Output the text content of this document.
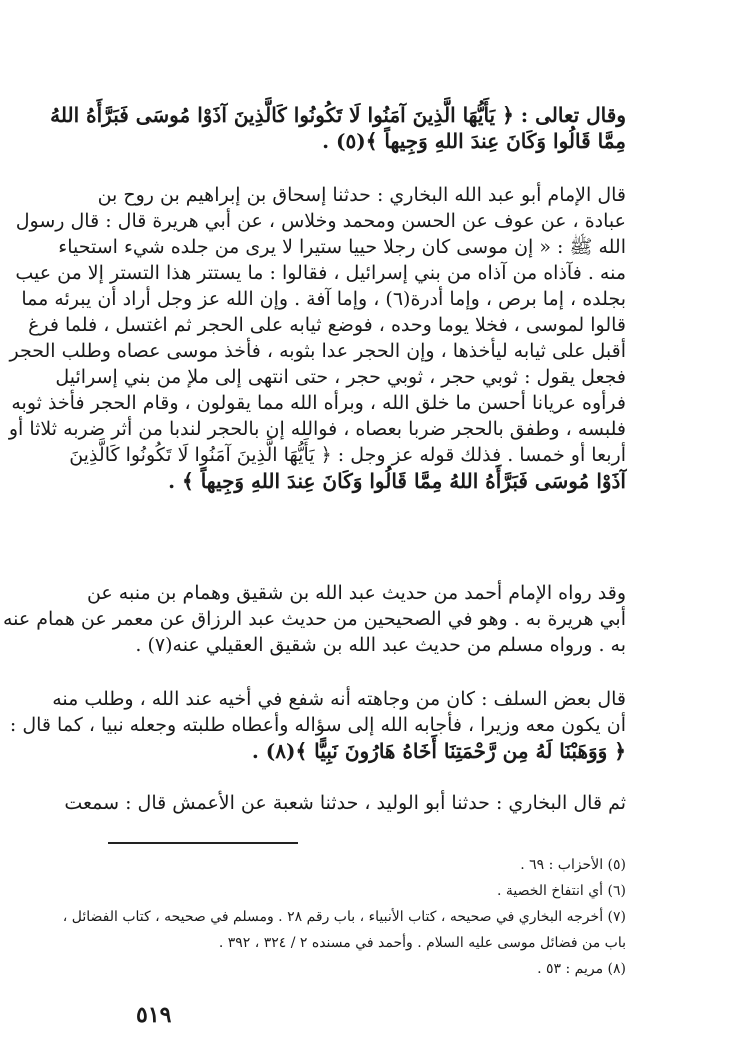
وقال تعالى : ﴿ يَأَيُّهَا الَّذِينَ آمَنُوا لَا تَكُونُوا كَالَّذِينَ آذَوْا مُوسَى فَبَرَّأَهُ اللهُ
مِمَّا قَالُوا وَكَانَ عِندَ اللهِ وَجِيهاً ﴾(٥) .
قال الإمام أبو عبد الله البخاري : حدثنا إسحاق بن إبراهيم بن روح بن
عبادة ، عن عوف عن الحسن ومحمد وخلاس ، عن أبي هريرة قال : قال رسول
الله ﷺ : « إن موسى كان رجلا حييا ستيرا لا يرى من جلده شيء استحياء
منه . فآذاه من آذاه من بني إسرائيل ، فقالوا : ما يستتر هذا التستر إلا من عيب
بجلده ، إما برص ، وإما أدرة(٦) ، وإما آفة . وإن الله عز وجل أراد أن يبرئه مما
قالوا لموسى ، فخلا يوما وحده ، فوضع ثيابه على الحجر ثم اغتسل ، فلما فرغ
أقبل على ثيابه ليأخذها ، وإن الحجر عدا بثوبه ، فأخذ موسى عصاه وطلب الحجر
فجعل يقول : ثوبي حجر ، ثوبي حجر ، حتى انتهى إلى ملإ من بني إسرائيل
فرأوه عريانا أحسن ما خلق الله ، وبرأه الله مما يقولون ، وقام الحجر فأخذ ثوبه
فلبسه ، وطفق بالحجر ضربا بعصاه ، فوالله إن بالحجر لندبا من أثر ضربه ثلاثا أو
أربعا أو خمسا . فذلك قوله عز وجل : ﴿ يَأَيُّهَا الَّذِينَ آمَنُوا لَا تَكُونُوا كَالَّذِينَ
آذَوْا مُوسَى فَبَرَّأَهُ اللهُ مِمَّا قَالُوا وَكَانَ عِندَ اللهِ وَجِيهاً ﴾ .
وقد رواه الإمام أحمد من حديث عبد الله بن شقيق وهمام بن منبه عن
أبي هريرة به . وهو في الصحيحين من حديث عبد الرزاق عن معمر عن همام عنه
به . ورواه مسلم من حديث عبد الله بن شقيق العقيلي عنه(٧) .
قال بعض السلف : كان من وجاهته أنه شفع في أخيه عند الله ، وطلب منه
أن يكون معه وزيرا ، فأجابه الله إلى سؤاله وأعطاه طلبته وجعله نبيا ، كما قال :
﴿ وَوَهَبْنَا لَهُ مِن رَّحْمَتِنَا أَخَاهُ هَارُونَ نَبِيًّا ﴾(٨) .
ثم قال البخاري : حدثنا أبو الوليد ، حدثنا شعبة عن الأعمش قال : سمعت
(٥) الأحزاب : ٦٩ .
(٦) أي انتفاخ الخصية .
(٧) أخرجه البخاري في صحيحه ، كتاب الأنبياء ، باب رقم ٢٨ . ومسلم في صحيحه ، كتاب الفضائل ،
باب من فضائل موسى عليه السلام . وأحمد في مسنده ٢ / ٣٢٤ ، ٣٩٢ .
(٨) مريم : ٥٣ .
٥١٩
